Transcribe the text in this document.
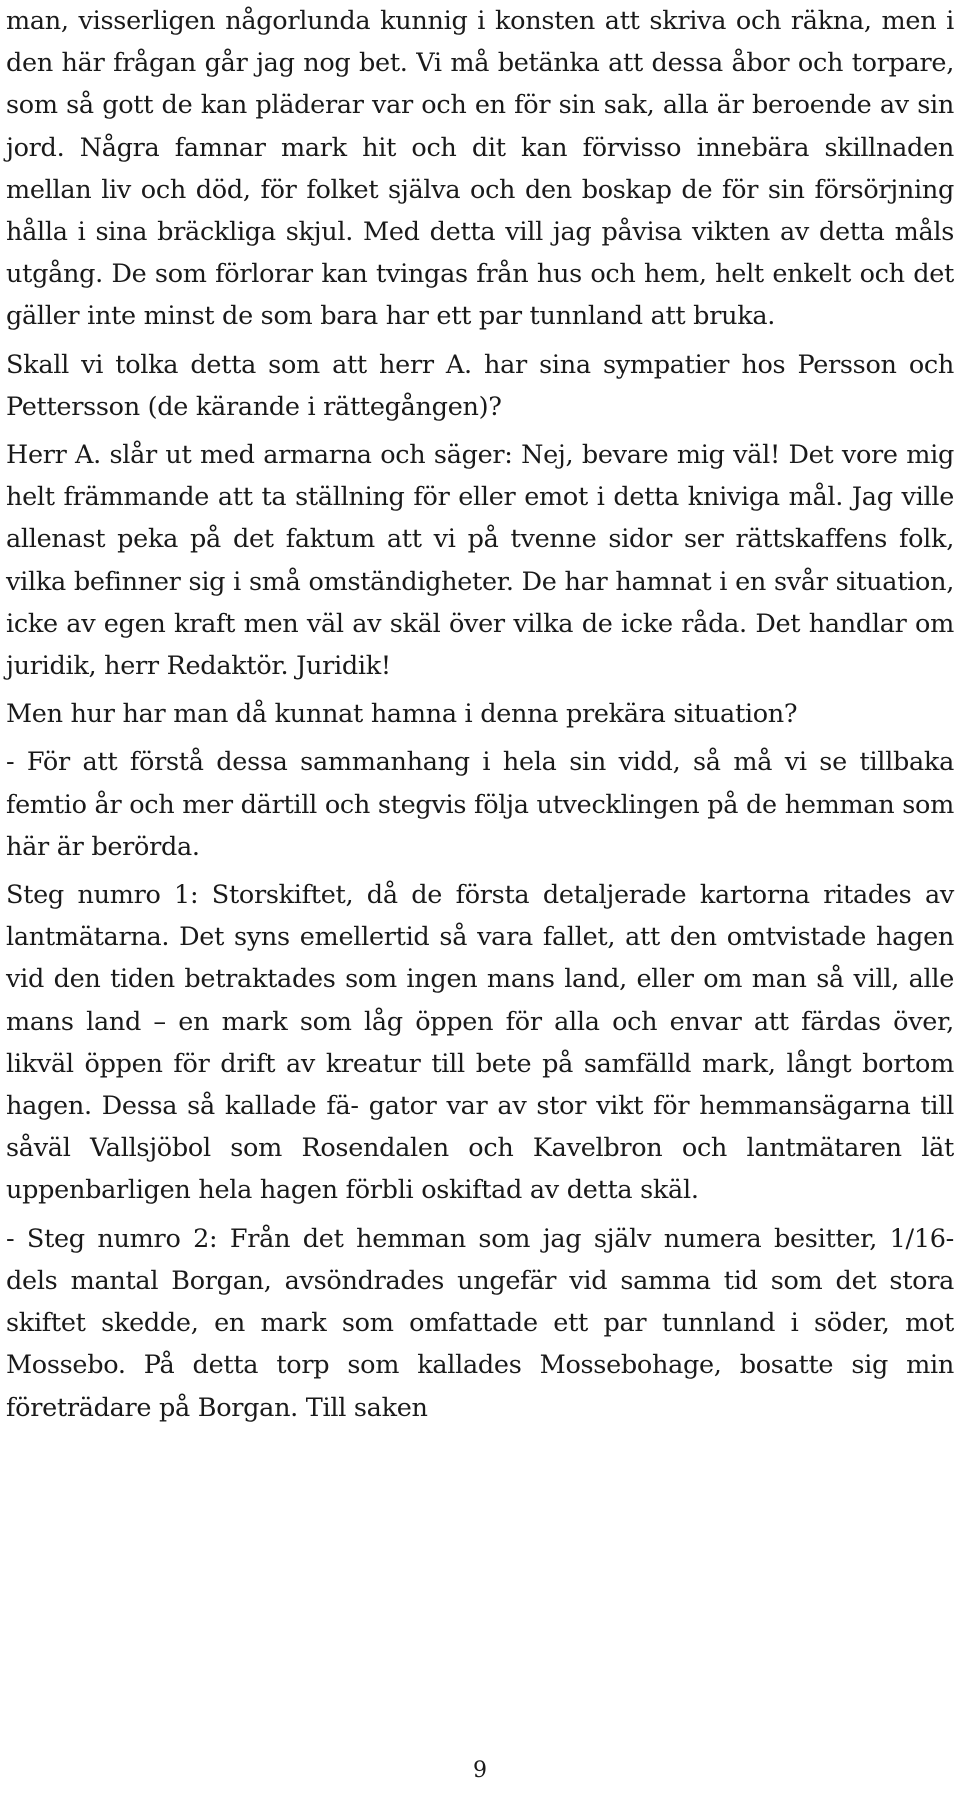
man, visserligen någorlunda kunnig i konsten att skriva och räkna, men i den här frågan går jag nog bet. Vi må betänka att dessa åbor och torpare, som så gott de kan pläderar var och en för sin sak, alla är beroende av sin jord. Några famnar mark hit och dit kan förvisso innebära skillnaden mellan liv och död, för folket själva och den boskap de för sin försörjning hålla i sina bräckliga skjul. Med detta vill jag påvisa vikten av detta måls utgång. De som förlorar kan tvingas från hus och hem, helt enkelt och det gäller inte minst de som bara har ett par tunnland att bruka.

Skall vi tolka detta som att herr A. har sina sympatier hos Persson och Pettersson (de kärande i rättegången)?

Herr A. slår ut med armarna och säger: Nej, bevare mig väl! Det vore mig helt främmande att ta ställning för eller emot i detta kniviga mål. Jag ville allenast peka på det faktum att vi på tvenne sidor ser rättskaffens folk, vilka befinner sig i små omständigheter. De har hamnat i en svår situation, icke av egen kraft men väl av skäl över vilka de icke råda. Det handlar om juridik, herr Redaktör. Juridik!

Men hur har man då kunnat hamna i denna prekära situation?

- För att förstå dessa sammanhang i hela sin vidd, så må vi se tillbaka femtio år och mer därtill och stegvis följa utvecklingen på de hemman som här är berörda.

Steg numro 1: Storskiftet, då de första detaljerade kartorna ritades av lantmätarna. Det syns emellertid så vara fallet, att den omtvistade hagen vid den tiden betraktades som ingen mans land, eller om man så vill, alle mans land – en mark som låg öppen för alla och envar att färdas över, likväl öppen för drift av kreatur till bete på samfälld mark, långt bortom hagen. Dessa så kallade fä- gator var av stor vikt för hemmansägarna till såväl Vallsjöbol som Rosendalen och Kavelbron och lantmätaren lät uppenbarligen hela hagen förbli oskiftad av detta skäl.

- Steg numro 2: Från det hemman som jag själv numera besitter, 1/16- dels mantal Borgan, avsöndrades ungefär vid samma tid som det stora skiftet skedde, en mark som omfattade ett par tunnland i söder, mot Mossebo. På detta torp som kallades Mossebohage, bosatte sig min företrädare på Borgan. Till saken

9
